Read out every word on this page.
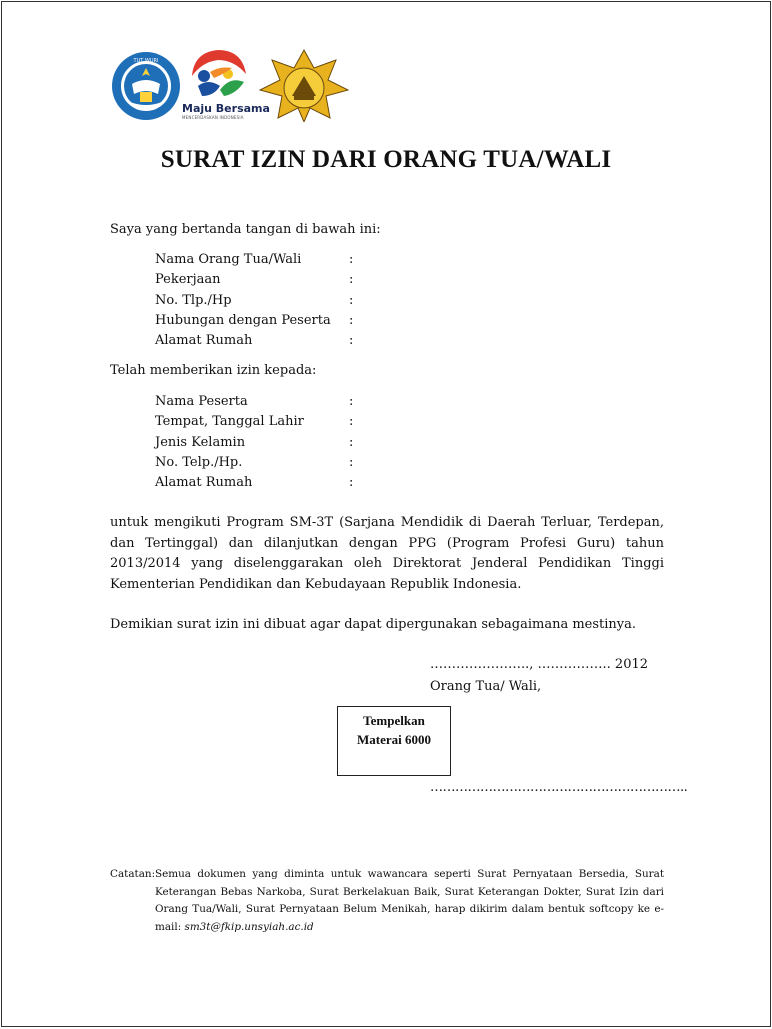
TUT WURI
Maju Bersama
MENCERDASKAN INDONESIA
SURAT IZIN DARI ORANG TUA/WALI
Saya yang bertanda tangan di bawah ini:
Nama Orang Tua/Wali	:
Pekerjaan	:
No. Tlp./Hp	:
Hubungan dengan Peserta :
Alamat Rumah	:
Telah memberikan izin kepada:
Nama Peserta	:
Tempat, Tanggal Lahir	:
Jenis Kelamin	:
No. Telp./Hp.	:
Alamat Rumah	:
untuk mengikuti Program SM-3T (Sarjana Mendidik di Daerah Terluar, Terdepan, dan Tertinggal) dan dilanjutkan dengan PPG (Program Profesi Guru) tahun 2013/2014 yang diselenggarakan oleh Direktorat Jenderal Pendidikan Tinggi Kementerian Pendidikan dan Kebudayaan Republik Indonesia.
Demikian surat izin ini dibuat agar dapat dipergunakan sebagaimana mestinya.
………………….., …………….. 2012
Orang Tua/ Wali,
Tempelkan
Materai 6000
……………………………………………………..
Catatan: Semua dokumen yang diminta untuk wawancara seperti Surat Pernyataan Bersedia, Surat Keterangan Bebas Narkoba, Surat Berkelakuan Baik, Surat Keterangan Dokter, Surat Izin dari Orang Tua/Wali, Surat Pernyataan Belum Menikah, harap dikirim dalam bentuk softcopy ke e-mail: sm3t@fkip.unsyiah.ac.id
